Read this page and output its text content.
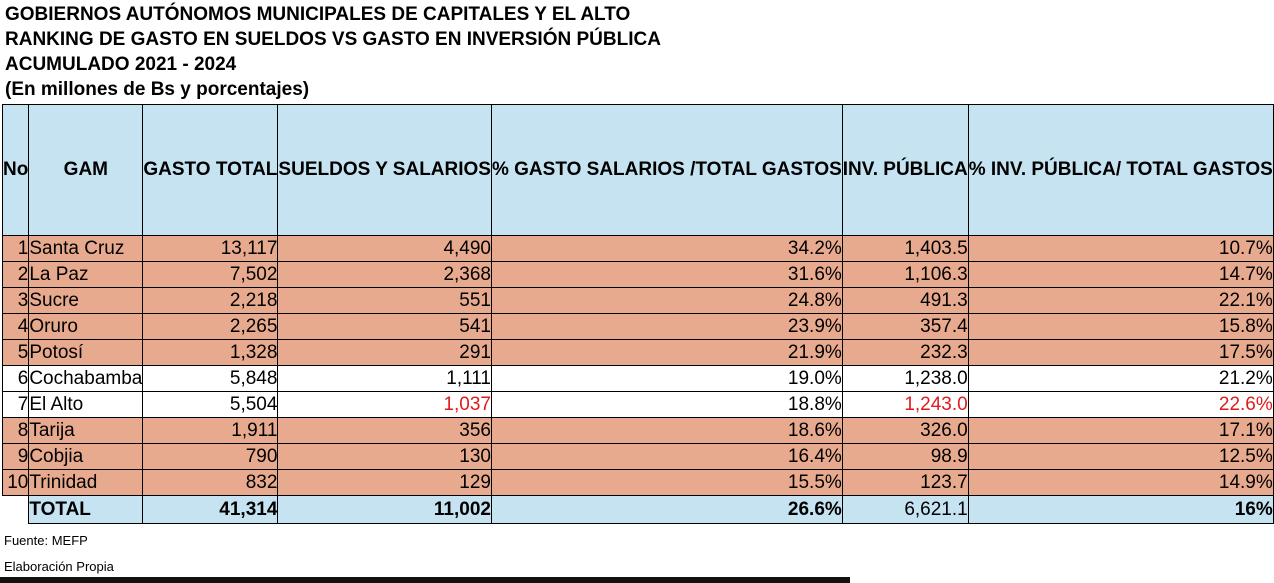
GOBIERNOS AUTÓNOMOS MUNICIPALES DE CAPITALES Y EL ALTO
RANKING DE GASTO EN SUELDOS VS GASTO EN INVERSIÓN PÚBLICA
ACUMULADO 2021 - 2024
(En millones de Bs y porcentajes)
No	GAM	GASTO TOTAL	SUELDOS Y SALARIOS	% GASTO SALARIOS /TOTAL GASTOS	INV. PÚBLICA	% INV. PÚBLICA/ TOTAL GASTOS
1	Santa Cruz	13,117	4,490	34.2%	1,403.5	10.7%
2	La Paz	7,502	2,368	31.6%	1,106.3	14.7%
3	Sucre	2,218	551	24.8%	491.3	22.1%
4	Oruro	2,265	541	23.9%	357.4	15.8%
5	Potosí	1,328	291	21.9%	232.3	17.5%
6	Cochabamba	5,848	1,111	19.0%	1,238.0	21.2%
7	El Alto	5,504	1,037	18.8%	1,243.0	22.6%
8	Tarija	1,911	356	18.6%	326.0	17.1%
9	Cobjia	790	130	16.4%	98.9	12.5%
10	Trinidad	832	129	15.5%	123.7	14.9%
	TOTAL	41,314	11,002	26.6%	6,621.1	16%
Fuente: MEFP
Elaboración Propia
